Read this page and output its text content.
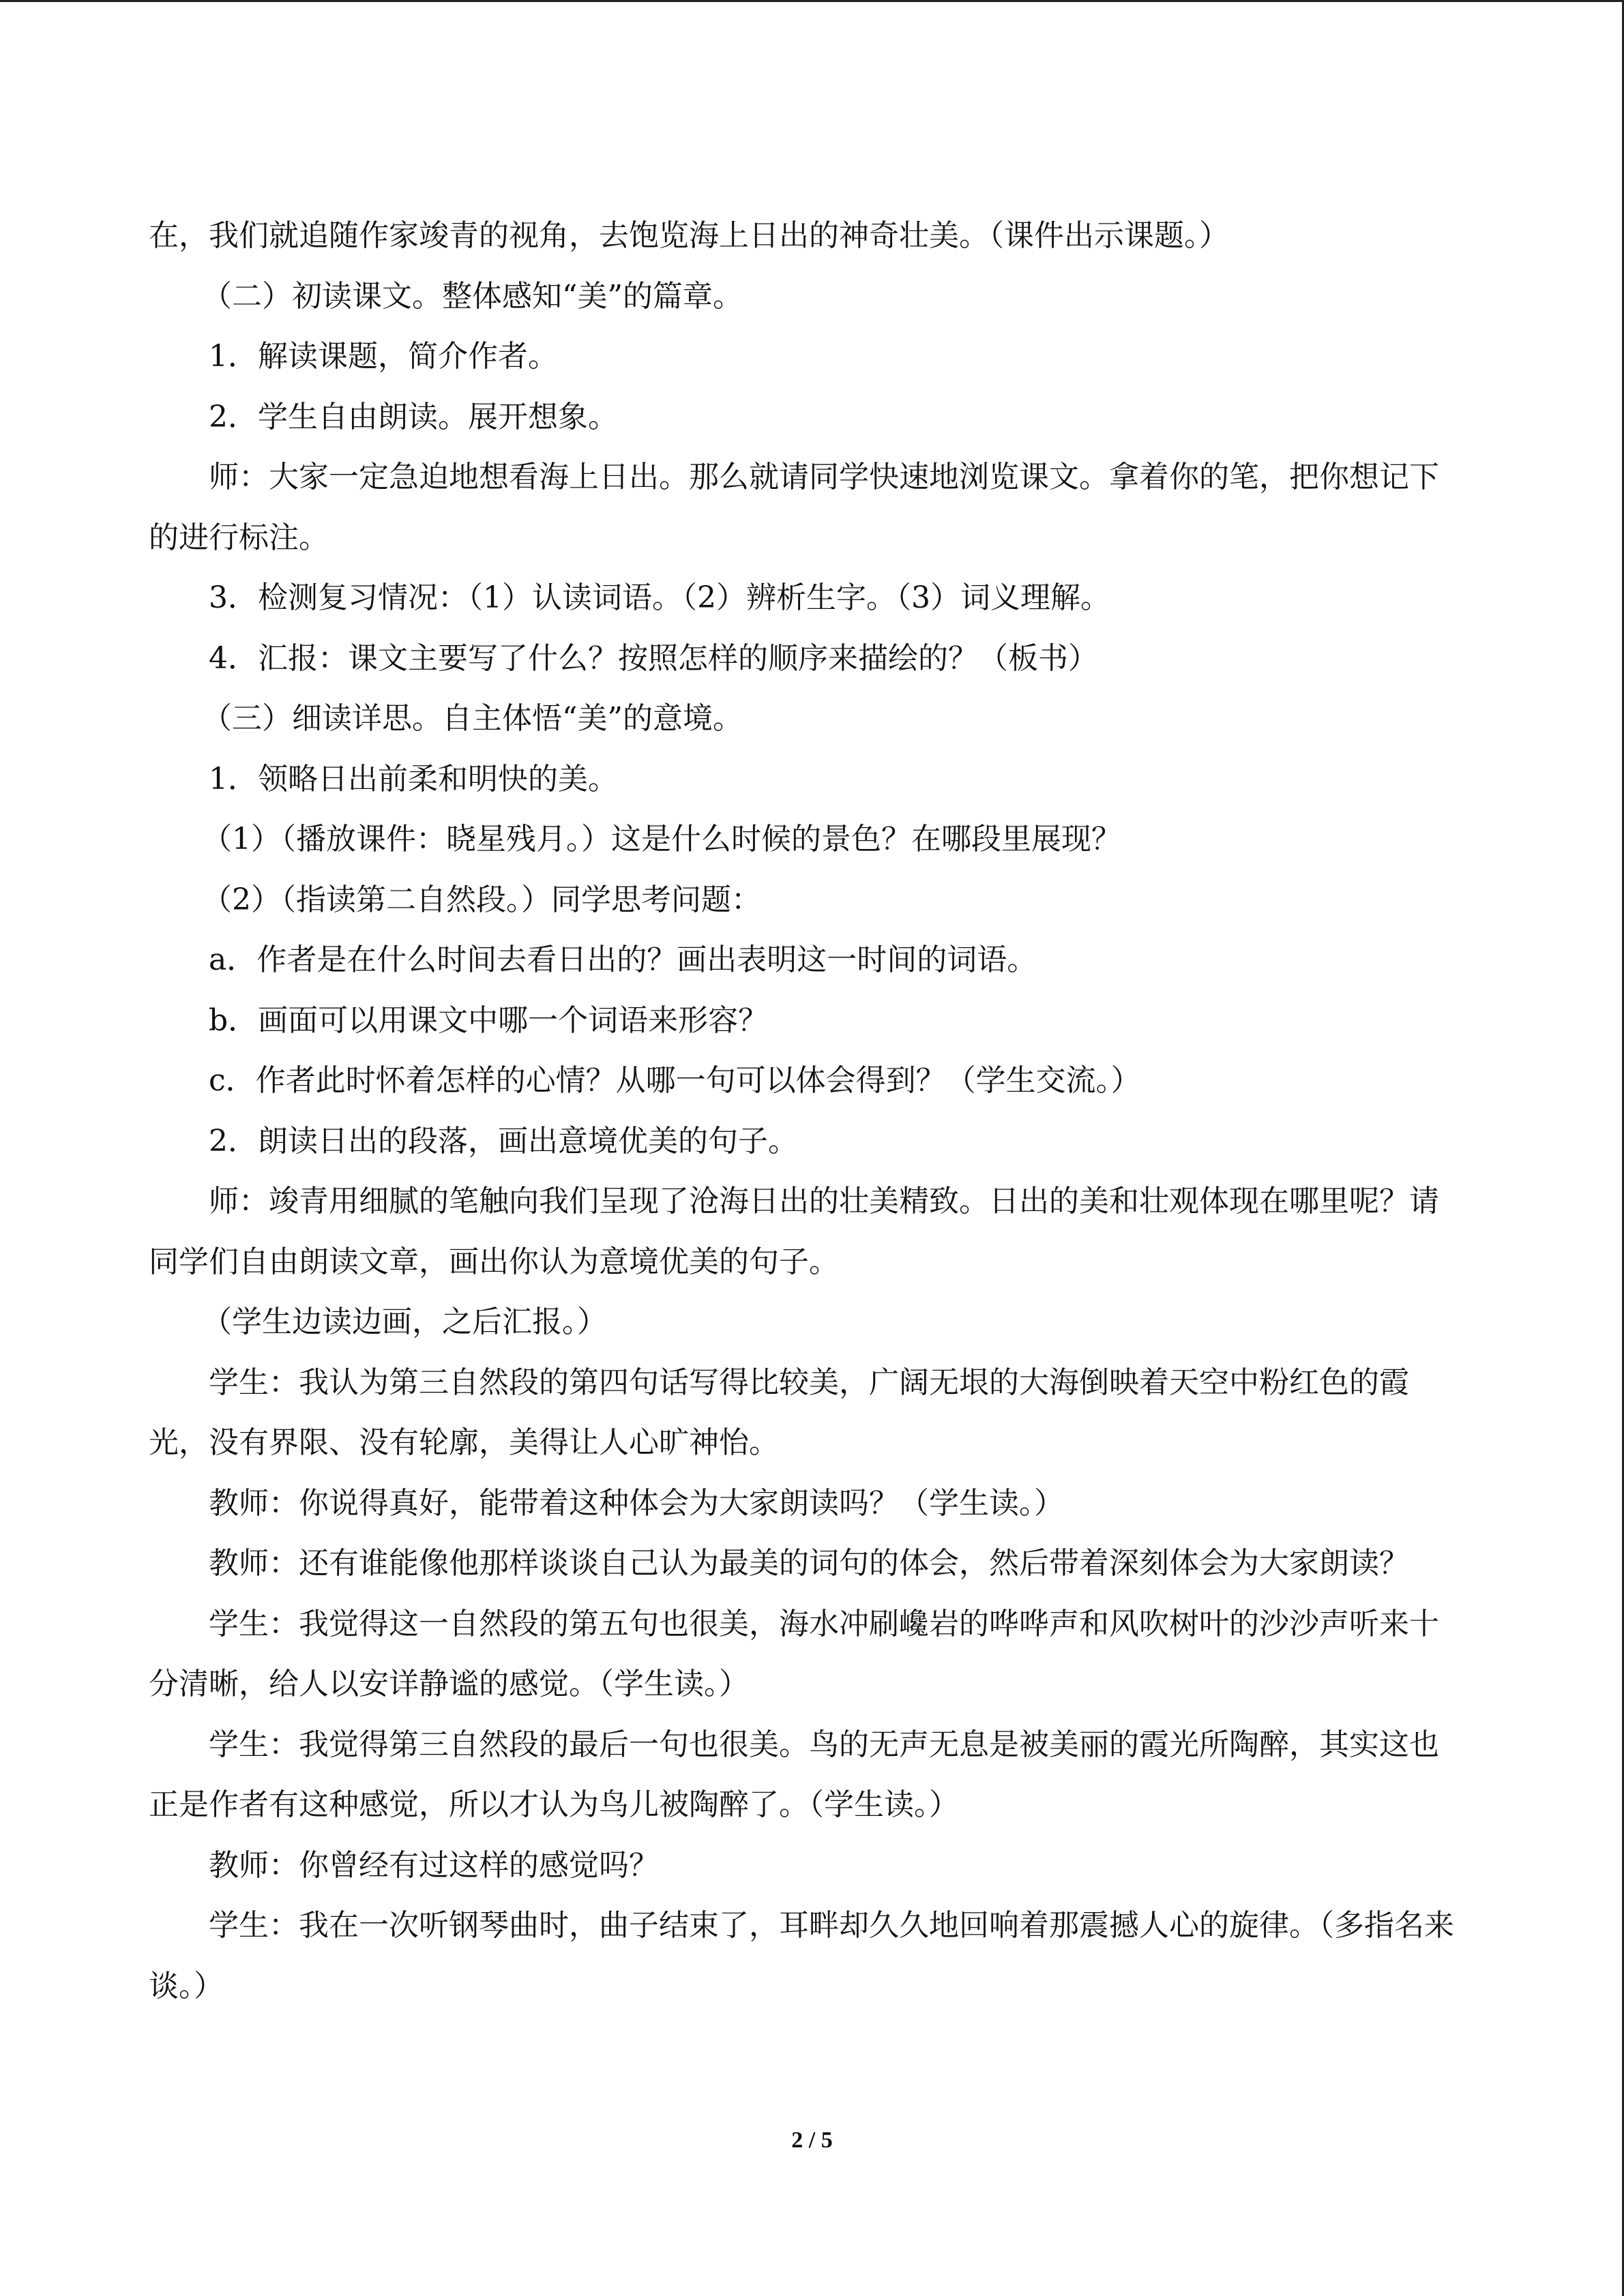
在，我们就追随作家竣青的视角，去饱览海上日出的神奇壮美。（课件出示课题。）

（二）初读课文。整体感知“美”的篇章。

1．解读课题，简介作者。

2．学生自由朗读。展开想象。

师：大家一定急迫地想看海上日出。那么就请同学快速地浏览课文。拿着你的笔，把你想记下的进行标注。

3．检测复习情况：（1）认读词语。（2）辨析生字。（3）词义理解。

4．汇报：课文主要写了什么？按照怎样的顺序来描绘的？（板书）

（三）细读详思。自主体悟“美”的意境。

1．领略日出前柔和明快的美。

（1）（播放课件：晓星残月。）这是什么时候的景色？在哪段里展现？

（2）（指读第二自然段。）同学思考问题：

a．作者是在什么时间去看日出的？画出表明这一时间的词语。

b．画面可以用课文中哪一个词语来形容？

c．作者此时怀着怎样的心情？从哪一句可以体会得到？（学生交流。）

2．朗读日出的段落，画出意境优美的句子。

师：竣青用细腻的笔触向我们呈现了沧海日出的壮美精致。日出的美和壮观体现在哪里呢？请同学们自由朗读文章，画出你认为意境优美的句子。

（学生边读边画，之后汇报。）

学生：我认为第三自然段的第四句话写得比较美，广阔无垠的大海倒映着天空中粉红色的霞光，没有界限、没有轮廓，美得让人心旷神怡。

教师：你说得真好，能带着这种体会为大家朗读吗？（学生读。）

教师：还有谁能像他那样谈谈自己认为最美的词句的体会，然后带着深刻体会为大家朗读？

学生：我觉得这一自然段的第五句也很美，海水冲刷巉岩的哗哗声和风吹树叶的沙沙声听来十分清晰，给人以安详静谧的感觉。（学生读。）

学生：我觉得第三自然段的最后一句也很美。鸟的无声无息是被美丽的霞光所陶醉，其实这也正是作者有这种感觉，所以才认为鸟儿被陶醉了。（学生读。）

教师：你曾经有过这样的感觉吗？

学生：我在一次听钢琴曲时，曲子结束了，耳畔却久久地回响着那震撼人心的旋律。（多指名来谈。）

2 / 5
